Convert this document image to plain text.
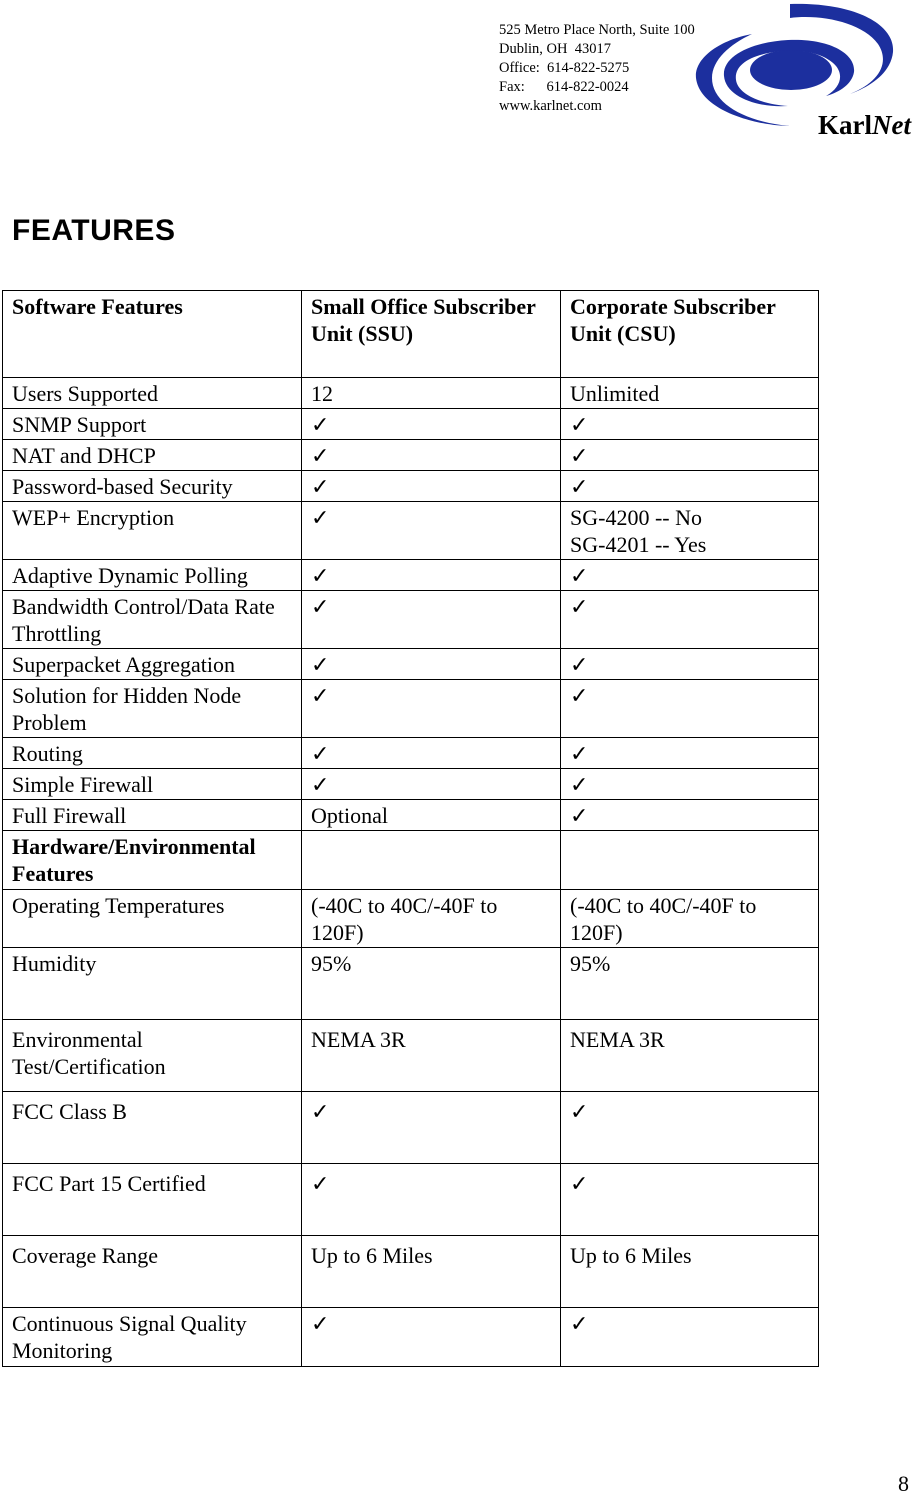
525 Metro Place North, Suite 100
Dublin, OH  43017
Office:  614-822-5275
Fax:      614-822-0024
www.karlnet.com
KarlNet
FEATURES
Software Features	Small Office Subscriber Unit (SSU)	Corporate Subscriber Unit (CSU)
Users Supported	12	Unlimited
SNMP Support	✓	✓
NAT and DHCP	✓	✓
Password-based Security	✓	✓
WEP+ Encryption	✓	SG-4200 -- No
SG-4201 -- Yes

Adaptive Dynamic Polling	✓	✓
Bandwidth Control/Data Rate Throttling	✓	✓
Superpacket Aggregation	✓	✓
Solution for Hidden Node Problem	✓	✓
Routing	✓	✓
Simple Firewall	✓	✓
Full Firewall	Optional	✓
Hardware/Environmental Features		
Operating Temperatures	(-40C to 40C/-40F to 120F)	(-40C to 40C/-40F to 120F)
Humidity	95%	95%
Environmental Test/Certification	NEMA 3R	NEMA 3R
FCC Class B	✓	✓
FCC Part 15 Certified	✓	✓
Coverage Range	Up to 6 Miles	Up to 6 Miles
Continuous Signal Quality Monitoring	✓	✓
8
